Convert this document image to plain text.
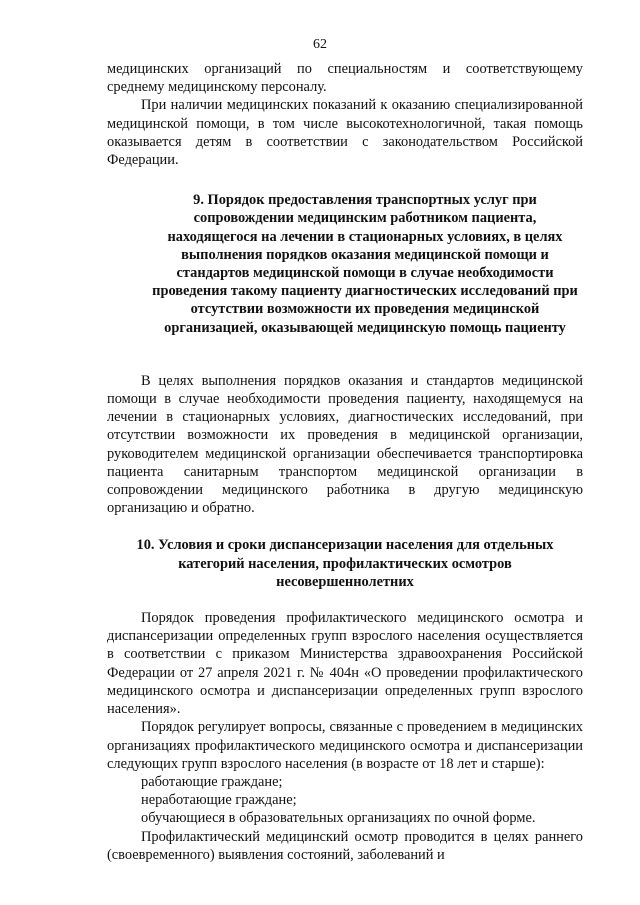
62

медицинских организаций по специальностям и соответствующему среднему медицинскому персоналу.

При наличии медицинских показаний к оказанию специализированной медицинской помощи, в том числе высокотехнологичной, такая помощь оказывается детям в соответствии с законодательством Российской Федерации.

9. Порядок предоставления транспортных услуг при сопровождении медицинским работником пациента, находящегося на лечении в стационарных условиях, в целях выполнения порядков оказания медицинской помощи и стандартов медицинской помощи в случае необходимости проведения такому пациенту диагностических исследований при отсутствии возможности их проведения медицинской организацией, оказывающей медицинскую помощь пациенту

В целях выполнения порядков оказания и стандартов медицинской помощи в случае необходимости проведения пациенту, находящемуся на лечении в стационарных условиях, диагностических исследований, при отсутствии возможности их проведения в медицинской организации, руководителем медицинской организации обеспечивается транспортировка пациента санитарным транспортом медицинской организации в сопровождении медицинского работника в другую медицинскую организацию и обратно.

10. Условия и сроки диспансеризации населения для отдельных
категорий населения, профилактических осмотров
несовершеннолетних

Порядок проведения профилактического медицинского осмотра и диспансеризации определенных групп взрослого населения осуществляется в соответствии с приказом Министерства здравоохранения Российской Федерации от 27 апреля 2021 г. № 404н «О проведении профилактического медицинского осмотра и диспансеризации определенных групп взрослого населения».

Порядок регулирует вопросы, связанные с проведением в медицинских организациях профилактического медицинского осмотра и диспансеризации следующих групп взрослого населения (в возрасте от 18 лет и старше):

работающие граждане;

неработающие граждане;

обучающиеся в образовательных организациях по очной форме.

Профилактический медицинский осмотр проводится в целях раннего (своевременного) выявления состояний, заболеваний и
